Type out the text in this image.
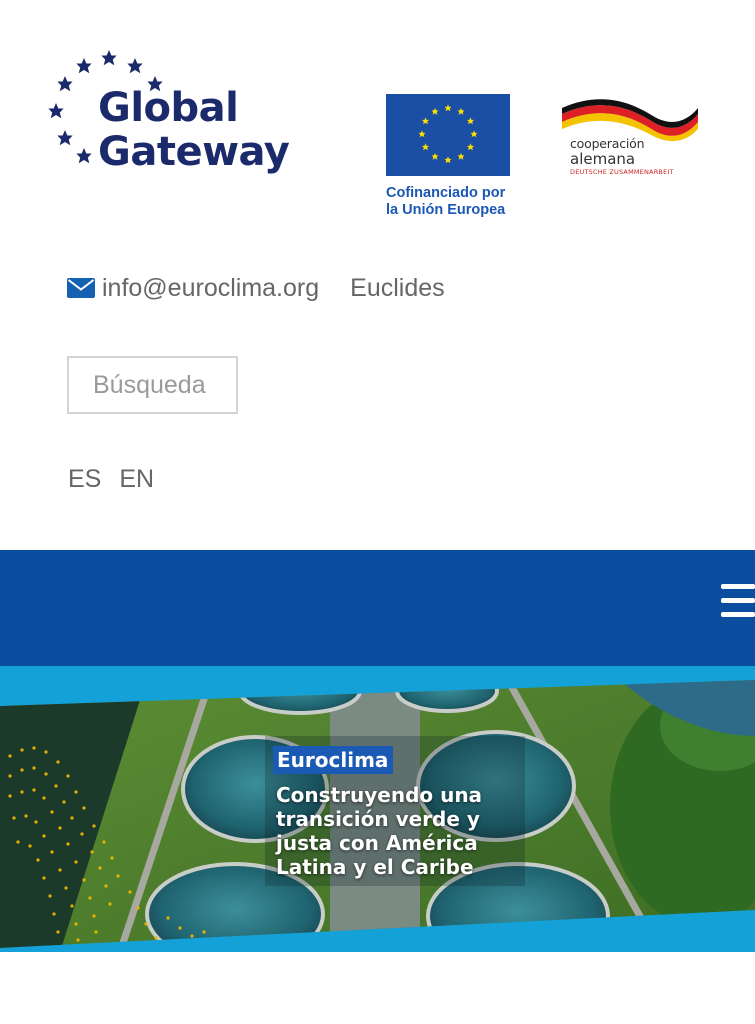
Global
Gateway
Cofinanciado por
la Unión Europea
cooperación
alemana
DEUTSCHE ZUSAMMENARBEIT
info@euroclima.org Euclides
Búsqueda
ES EN
Euroclima
Construyendo una transición verde y justa con América Latina y el Caribe
